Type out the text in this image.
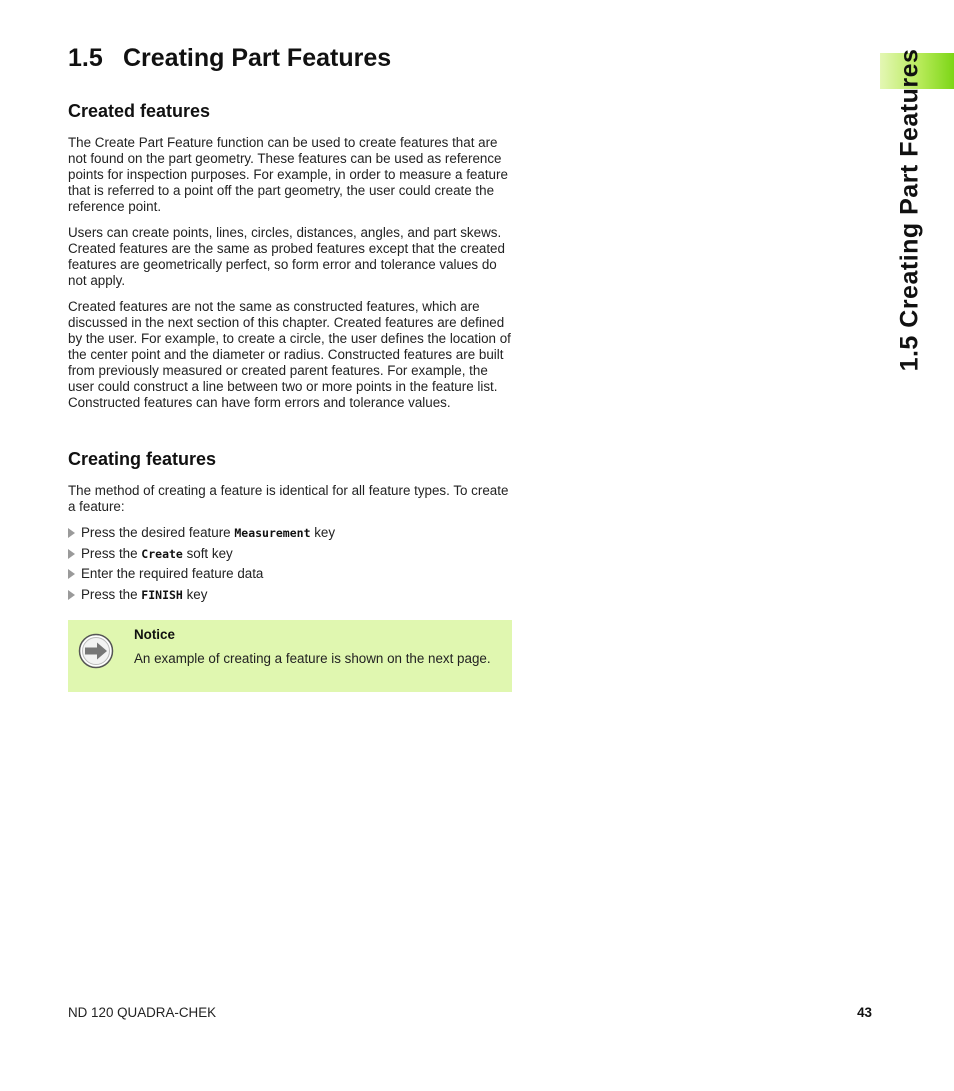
1.5 Creating Part Features
1.5 Creating Part Features
Created features

The Create Part Feature function can be used to create features that are not found on the part geometry. These features can be used as reference points for inspection purposes. For example, in order to measure a feature that is referred to a point off the part geometry, the user could create the reference point.

Users can create points, lines, circles, distances, angles, and part skews. Created features are the same as probed features except that the created features are geometrically perfect, so form error and tolerance values do not apply.

Created features are not the same as constructed features, which are discussed in the next section of this chapter. Created features are defined by the user. For example, to create a circle, the user defines the location of the center point and the diameter or radius. Constructed features are built from previously measured or created parent features. For example, the user could construct a line between two or more points in the feature list. Constructed features can have form errors and tolerance values.

Creating features

The method of creating a feature is identical for all feature types. To create a feature:

Press the desired feature Measurement key
Press the Create soft key
Enter the required feature data
Press the FINISH key

Notice

An example of creating a feature is shown on the next page.

ND 120 QUADRA-CHEK	43
